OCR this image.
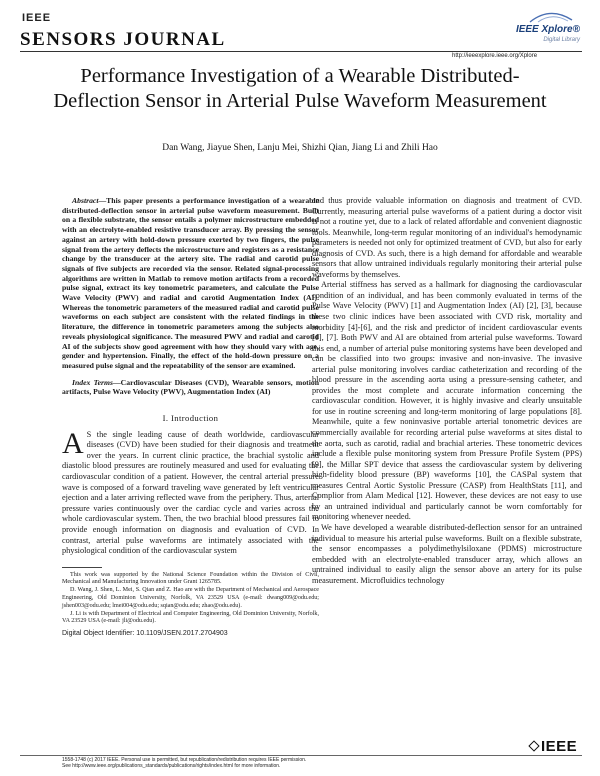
IEEE
SENSORS JOURNAL	IEEE Xplore®
Digital Library
http://ieeexplore.ieee.org/Xplore
Performance Investigation of a Wearable Distributed-Deflection Sensor in Arterial Pulse Waveform Measurement
Dan Wang, Jiayue Shen, Lanju Mei, Shizhi Qian, Jiang Li and Zhili Hao

Abstract—This paper presents a performance investigation of a wearable distributed-deflection sensor in arterial pulse waveform measurement. Built on a flexible substrate, the sensor entails a polymer microstructure embedded with an electrolyte-enabled resistive transducer array. By pressing the sensor against an artery with hold-down pressure exerted by two fingers, the pulse signal from the artery deflects the microstructure and registers as a resistance change by the transducer at the artery site. The radial and carotid pulse signals of five subjects are recorded via the sensor. Related signal-processing algorithms are written in Matlab to remove motion artifacts from a recorded pulse signal, extract its key tonometric parameters, and calculate the Pulse Wave Velocity (PWV) and radial and carotid Augmentation Index (AI). Whereas the tonometric parameters of the measured radial and carotid pulse waveforms on each subject are consistent with the related findings in the literature, the difference in tonometric parameters among the subjects also reveals physiological significance. The measured PWV and radial and carotid AI of the subjects show good agreement with how they should vary with age, gender and hypertension. Finally, the effect of the hold-down pressure on a measured pulse signal and the repeatability of the sensor are examined.

Index Terms—Cardiovascular Diseases (CVD), Wearable sensors, motion artifacts, Pulse Wave Velocity (PWV), Augmentation Index (AI)

I. Introduction

A S the single leading cause of death worldwide, cardiovascular diseases (CVD) have been studied for their diagnosis and treatment over the years. In current clinic practice, the brachial systolic and diastolic blood pressures are routinely measured and used for evaluating the cardiovascular condition of a patient. However, the central arterial pressure wave is composed of a forward traveling wave generated by left ventricular ejection and a later arriving reflected wave from the periphery. Thus, arterial pressure varies continuously over the cardiac cycle and varies across the whole cardiovascular system. Then, the two brachial blood pressures fail to provide enough information on diagnosis and evaluation of CVD. In contrast, arterial pulse waveforms are intimately associated with the physiological condition of the cardiovascular system

This work was supported by the National Science Foundation within the Division of Civil, Mechanical and Manufacturing Innovation under Grant 1265785.

D. Wang, J. Shen, L. Mei, S. Qian and Z. Hao are with the Department of Mechanical and Aerospace Engineering, Old Dominion University, Norfolk, VA 23529 USA (e-mail: dwang009@odu.edu; jshen003@odu.edu; lmei004@odu.edu; sqian@odu.edu; zhao@odu.edu).

J. Li is with Department of Electrical and Computer Engineering, Old Dominion University, Norfolk, VA 23529 USA (e-mail: jli@odu.edu).

Digital Object Identifier: 10.1109/JSEN.2017.2704903

and thus provide valuable information on diagnosis and treatment of CVD. Currently, measuring arterial pulse waveforms of a patient during a doctor visit is not a routine yet, due to a lack of related affordable and convenient diagnostic tools. Meanwhile, long-term regular monitoring of an individual's hemodynamic parameters is needed not only for optimized treatment of CVD, but also for early diagnosis of CVD. As such, there is a high demand for affordable and wearable sensors that allow untrained individuals regularly monitoring their arterial pulse waveforms by themselves.

Arterial stiffness has served as a hallmark for diagnosing the cardiovascular condition of an individual, and has been commonly evaluated in terms of the Pulse Wave Velocity (PWV) [1] and Augmentation Index (AI) [2], [3], because these two clinic indices have been associated with CVD risk, mortality and morbidity [4]-[6], and the risk and predictor of incident cardiovascular events [1], [7]. Both PWV and AI are obtained from arterial pulse waveforms. Toward this end, a number of arterial pulse monitoring systems have been developed and can be classified into two groups: invasive and non-invasive. The invasive arterial pulse monitoring involves cardiac catheterization and recording of the blood pressure in the ascending aorta using a pressure-sensing catheter, and provides the most complete and accurate information concerning the cardiovascular condition. However, it is highly invasive and clearly unsuitable for use in routine screening and long-term monitoring of large populations [8]. Meanwhile, quite a few noninvasive portable arterial tonometric devices are commercially available for recording arterial pulse waveforms at sites distal to the aorta, such as carotid, radial and brachial arteries. These tonometric devices include a flexible pulse monitoring system from Pressure Profile System (PPS) [9], the Millar SPT device that assess the cardiovascular system by delivering high-fidelity blood pressure (BP) waveforms [10], the CASPal system that measures Central Aortic Systolic Pressure (CASP) from HealthStats [11], and Complior from Alam Medical [12]. However, these devices are not easy to use by an untrained individual and particularly cannot be worn comfortably for monitoring whenever needed.

We have developed a wearable distributed-deflection sensor for an untrained individual to measure his arterial pulse waveforms. Built on a flexible substrate, the sensor encompasses a polydimethylsiloxane (PDMS) microstructure embedded with an electrolyte-enabled transducer array, which allows an untrained individual to easily align the sensor above an artery for its pulse measurement. Microfluidics technology

1558-1748 (c) 2017 IEEE. Personal use is permitted, but republication/redistribution requires IEEE permission.
See http://www.ieee.org/publications_standards/publications/rights/index.html for more information.
IEEE
